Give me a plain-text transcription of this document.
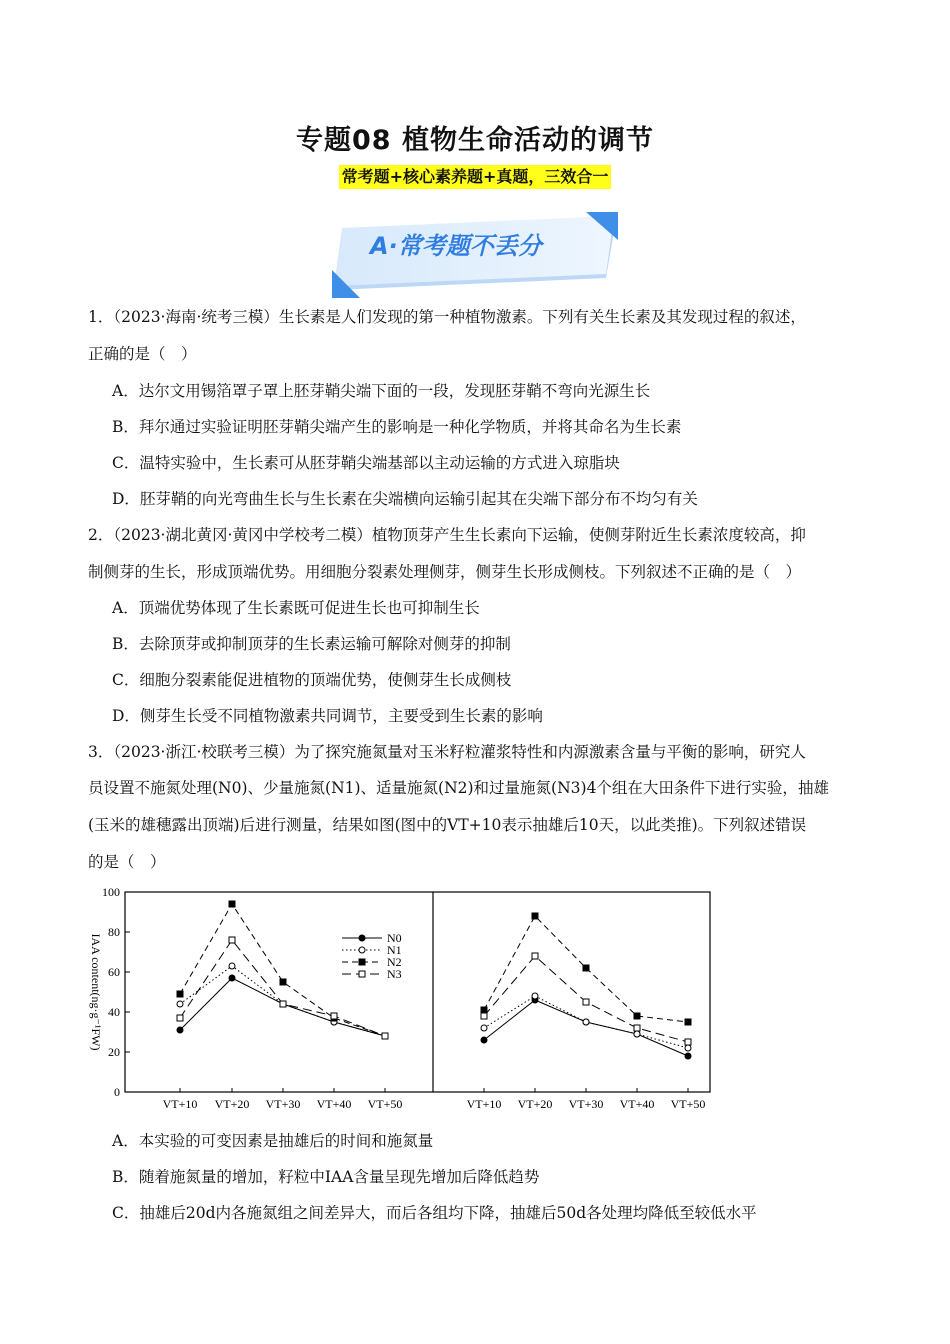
专题08 植物生命活动的调节
常考题+核心素养题+真题，三效合一
A·常考题不丢分
1．（2023·海南·统考三模）生长素是人们发现的第一种植物激素。下列有关生长素及其发现过程的叙述，
正确的是（　）
A．达尔文用锡箔罩子罩上胚芽鞘尖端下面的一段，发现胚芽鞘不弯向光源生长
B．拜尔通过实验证明胚芽鞘尖端产生的影响是一种化学物质，并将其命名为生长素
C．温特实验中，生长素可从胚芽鞘尖端基部以主动运输的方式进入琼脂块
D．胚芽鞘的向光弯曲生长与生长素在尖端横向运输引起其在尖端下部分布不均匀有关
2．（2023·湖北黄冈·黄冈中学校考二模）植物顶芽产生生长素向下运输，使侧芽附近生长素浓度较高，抑
制侧芽的生长，形成顶端优势。用细胞分裂素处理侧芽，侧芽生长形成侧枝。下列叙述不正确的是（　）
A．顶端优势体现了生长素既可促进生长也可抑制生长
B．去除顶芽或抑制顶芽的生长素运输可解除对侧芽的抑制
C．细胞分裂素能促进植物的顶端优势，使侧芽生长成侧枝
D．侧芽生长受不同植物激素共同调节，主要受到生长素的影响
3．（2023·浙江·校联考三模）为了探究施氮量对玉米籽粒灌浆特性和内源激素含量与平衡的影响，研究人
员设置不施氮处理(N0)、少量施氮(N1)、适量施氮(N2)和过量施氮(N3)4个组在大田条件下进行实验，抽雄
(玉米的雄穗露出顶端)后进行测量，结果如图(图中的VT+10表示抽雄后10天，以此类推)。下列叙述错误
的是（　）
0
20
40
60
80
100
IAA content(ng·g⁻¹FW)
VT+10 VT+20 VT+30 VT+40 VT+50	VT+10 VT+20 VT+30 VT+40 VT+50
N0
N1
N2
N3
A．本实验的可变因素是抽雄后的时间和施氮量
B．随着施氮量的增加，籽粒中IAA含量呈现先增加后降低趋势
C．抽雄后20d内各施氮组之间差异大，而后各组均下降，抽雄后50d各处理均降低至较低水平
